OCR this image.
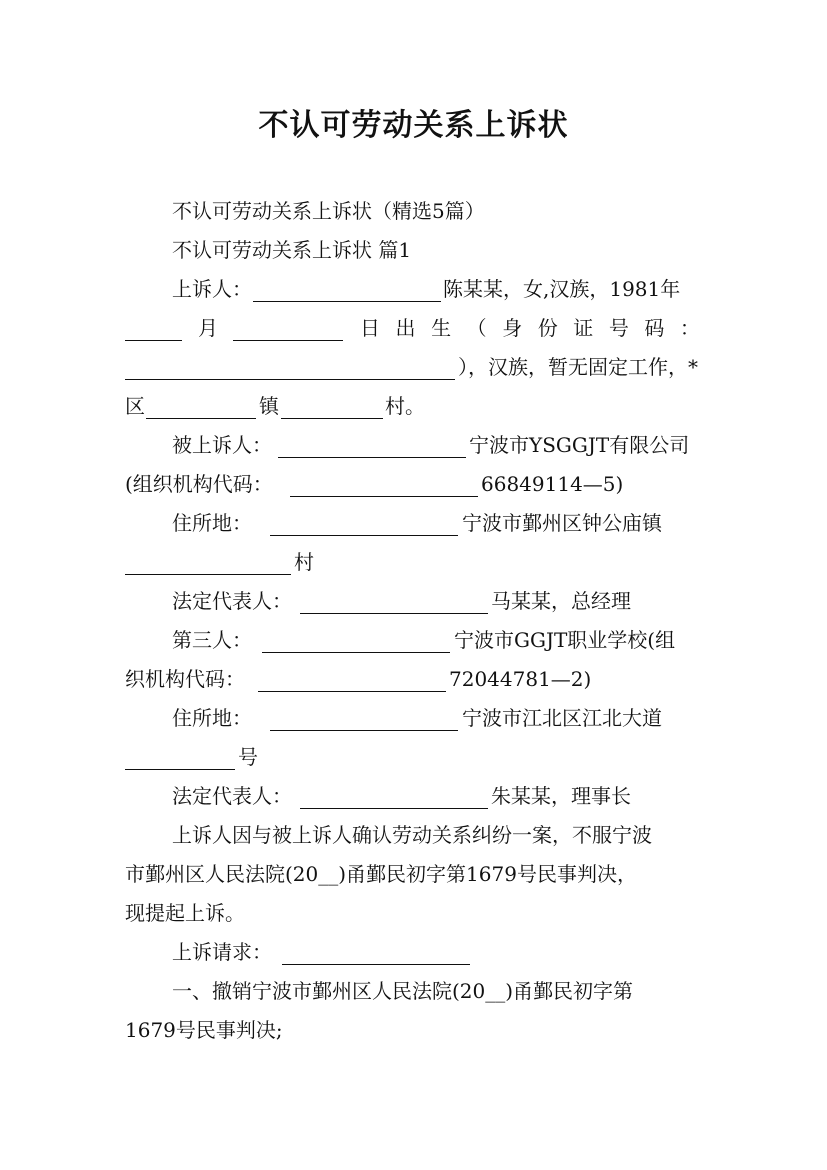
不认可劳动关系上诉状
不认可劳动关系上诉状（精选5篇）
不认可劳动关系上诉状 篇1
上诉人：	陈某某，女,汉族，1981年
月	日 出 生 （ 身 份 证 号 码 ：
），汉族，暂无固定工作，*
区	镇	村。
被上诉人：	宁波市YSGGJT有限公司
(组织机构代码：	66849114—5)
住所地：	宁波市鄞州区钟公庙镇
村
法定代表人：	马某某，总经理
第三人：	宁波市GGJT职业学校(组
织机构代码：	72044781—2)
住所地：	宁波市江北区江北大道
号
法定代表人：	朱某某，理事长
上诉人因与被上诉人确认劳动关系纠纷一案，不服宁波
市鄞州区人民法院(20__)甬鄞民初字第1679号民事判决，
现提起上诉。
上诉请求：
一、撤销宁波市鄞州区人民法院(20__)甬鄞民初字第
1679号民事判决;
